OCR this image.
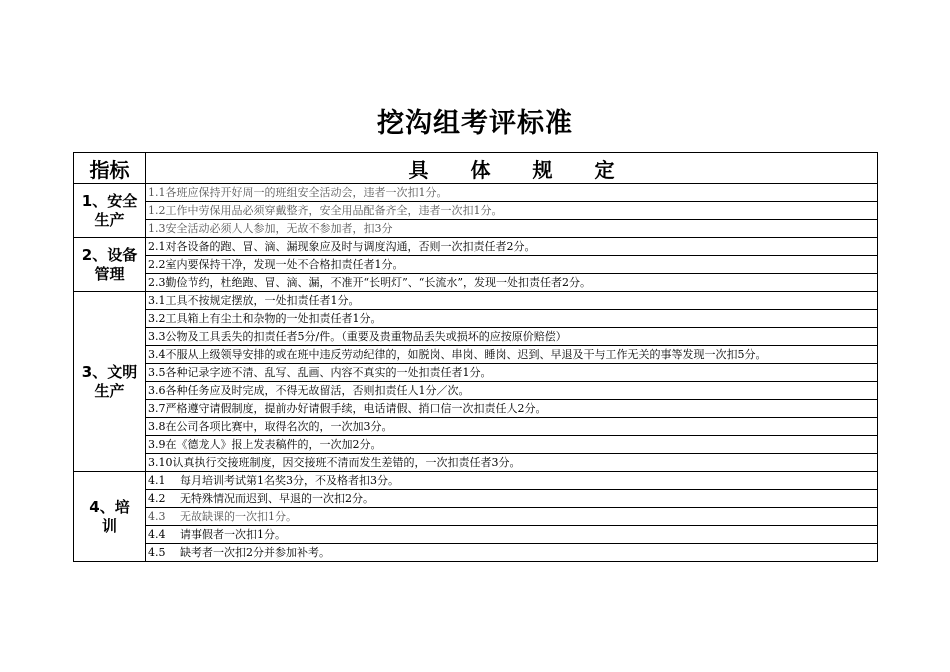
挖沟组考评标准
指标	具 体 规 定

1、安全
生产	1.1各班应保持开好周一的班组安全活动会，违者一次扣1分。
	1.2工作中劳保用品必须穿戴整齐，安全用品配备齐全，违者一次扣1分。
	1.3安全活动必须人人参加，无故不参加者，扣3分

2、设备
管理	2.1对各设备的跑、冒、滴、漏现象应及时与调度沟通，否则一次扣责任者2分。
	2.2室内要保持干净，发现一处不合格扣责任者1分。
	2.3勤俭节约，杜绝跑、冒、滴、漏，不准开“长明灯”、“长流水”，发现一处扣责任者2分。

3、文明
生产	3.1工具不按规定摆放，一处扣责任者1分。
	3.2工具箱上有尘土和杂物的一处扣责任者1分。
	3.3公物及工具丢失的扣责任者5分/件。（重要及贵重物品丢失或损坏的应按原价赔偿）
	3.4不服从上级领导安排的或在班中违反劳动纪律的，如脱岗、串岗、睡岗、迟到、早退及干与工作无关的事等发现一次扣5分。
	3.5各种记录字迹不清、乱写、乱画、内容不真实的一处扣责任者1分。
	3.6各种任务应及时完成，不得无故留活，否则扣责任人1分／次。
	3.7严格遵守请假制度，提前办好请假手续，电话请假、捎口信一次扣责任人2分。
	3.8在公司各项比赛中，取得名次的，一次加3分。
	3.9在《德龙人》报上发表稿件的，一次加2分。
	3.10认真执行交接班制度，因交接班不清而发生差错的，一次扣责任者3分。

4、培
训	4.1　 每月培训考试第1名奖3分，不及格者扣3分。
	4.2　 无特殊情况而迟到、早退的一次扣2分。
	4.3　 无故缺课的一次扣1分。
	4.4　 请事假者一次扣1分。
	4.5　 缺考者一次扣2分并参加补考。
